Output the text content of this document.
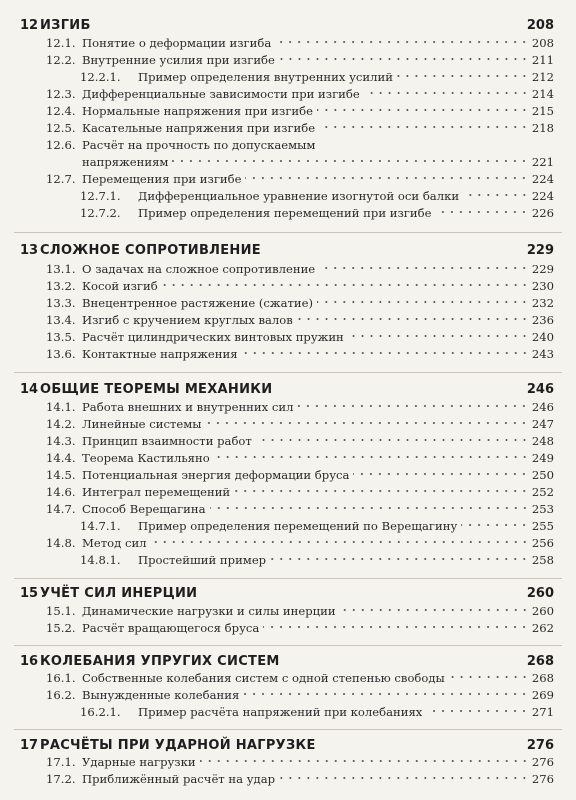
12 ИЗГИБ	208
12.1. Понятие о деформации изгиба	208
12.2. Внутренние усилия при изгибе	211
12.2.1.	Пример определения внутренних усилий	212
12.3. Дифференциальные зависимости при изгибе	214
12.4. Нормальные напряжения при изгибе	215
12.5. Касательные напряжения при изгибе	218
12.6. Расчёт на прочность по допускаемым
напряжениям	221
12.7. Перемещения при изгибе	224
12.7.1.	Дифференциальное уравнение изогнутой оси балки	224
12.7.2.	Пример определения перемещений при изгибе	226
13 СЛОЖНОЕ СОПРОТИВЛЕНИЕ	229
13.1. О задачах на сложное сопротивление	229
13.2. Косой изгиб	230
13.3. Внецентренное растяжение (сжатие)	232
13.4. Изгиб с кручением круглых валов	236
13.5. Расчёт цилиндрических винтовых пружин	240
13.6. Контактные напряжения	243
14 ОБЩИЕ ТЕОРЕМЫ МЕХАНИКИ	246
14.1. Работа внешних и внутренних сил	246
14.2. Линейные системы	247
14.3. Принцип взаимности работ	248
14.4. Теорема Кастильяно	249
14.5. Потенциальная энергия деформации бруса	250
14.6. Интеграл перемещений	252
14.7. Способ Верещагина	253
14.7.1.	Пример определения перемещений по Верещагину	255
14.8. Метод сил	256
14.8.1.	Простейший пример	258
15 УЧЁТ СИЛ ИНЕРЦИИ	260
15.1. Динамические нагрузки и силы инерции	260
15.2. Расчёт вращающегося бруса	262
16 КОЛЕБАНИЯ УПРУГИХ СИСТЕМ	268
16.1. Собственные колебания систем с одной степенью свободы	268
16.2. Вынужденные колебания	269
16.2.1.	Пример расчёта напряжений при колебаниях	271
17 РАСЧЁТЫ ПРИ УДАРНОЙ НАГРУЗКЕ	276
17.1. Ударные нагрузки	276
17.2. Приближённый расчёт на удар	276
